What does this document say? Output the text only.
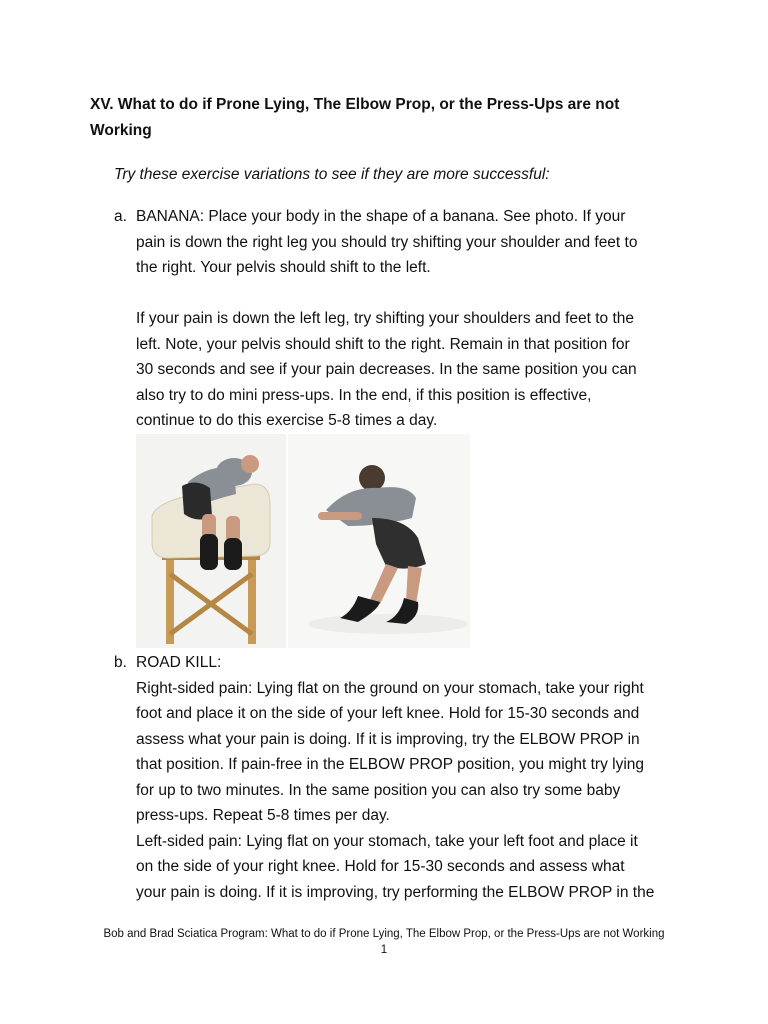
XV. What to do if Prone Lying, The Elbow Prop, or the Press-Ups are not
Working
Try these exercise variations to see if they are more successful:
a. BANANA: Place your body in the shape of a banana. See photo. If your

pain is down the right leg you should try shifting your shoulder and feet to

the right. Your pelvis should shift to the left.

If your pain is down the left leg, try shifting your shoulders and feet to the

left. Note, your pelvis should shift to the right. Remain in that position for

30 seconds and see if your pain decreases. In the same position you can

also try to do mini press-ups. In the end, if this position is effective,

continue to do this exercise 5-8 times a day.

b. ROAD KILL:

Right-sided pain: Lying flat on the ground on your stomach, take your right

foot and place it on the side of your left knee. Hold for 15-30 seconds and

assess what your pain is doing. If it is improving, try the ELBOW PROP in

that position. If pain-free in the ELBOW PROP position, you might try lying

for up to two minutes. In the same position you can also try some baby

press-ups. Repeat 5-8 times per day.

Left-sided pain: Lying flat on your stomach, take your left foot and place it

on the side of your right knee. Hold for 15-30 seconds and assess what

your pain is doing. If it is improving, try performing the ELBOW PROP in the

Bob and Brad Sciatica Program: What to do if Prone Lying, The Elbow Prop, or the Press-Ups are not Working
1
